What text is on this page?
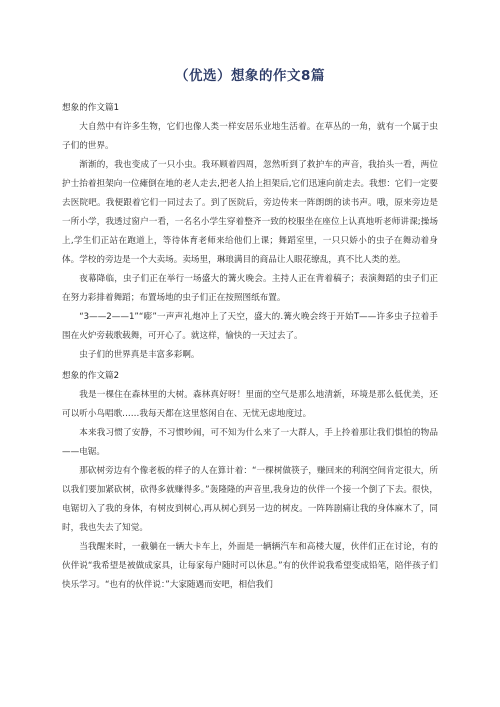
（优选）想象的作文8篇

想象的作文篇1

大自然中有许多生物，它们也像人类一样安居乐业地生活着。在草丛的一角，就有一个属于虫子们的世界。

渐渐的，我也变成了一只小虫。我环顾着四周，忽然听到了救护车的声音，我抬头一看，两位护士抬着担架向一位瘫倒在地的老人走去,把老人抬上担架后,它们迅速向前走去。我想：它们一定要去医院吧。我便跟着它们一同过去了。到了医院后，旁边传来一阵朗朗的读书声。哦，原来旁边是一所小学，我透过窗户一看，一名名小学生穿着整齐一致的校服坐在座位上认真地听老师讲课;操场上,学生们正站在跑道上，等待体育老师来给他们上课；舞蹈室里，一只只娇小的虫子在舞动着身体。学校的旁边是一个大卖场。卖场里，琳琅满目的商品让人眼花缭乱，真不比人类的差。

夜幕降临，虫子们正在举行一场盛大的篝火晚会。主持人正在背着稿子；表演舞蹈的虫子们正在努力彩排着舞蹈；布置场地的虫子们正在按照图纸布置。

“3——2——1”“嘭”一声声礼炮冲上了天空，盛大的.篝火晚会终于开始T——许多虫子拉着手围在火炉旁载歌载舞，可开心了。就这样，愉快的一天过去了。

虫子们的世界真是丰富多彩啊。

想象的作文篇2

我是一棵住在森林里的大树。森林真好呀！里面的空气是那么地清新，环境是那么低优美，还可以听小鸟唱歌……我每天都在这里悠闲自在、无忧无虑地度过。

本来我习惯了安静，不习惯吵闹，可不知为什么来了一大群人，手上拎着那让我们惧怕的物品——电锯。

那砍树旁边有个像老板的样子的人在算计着：“一棵树做筷子，赚回来的利润空间肯定很大，所以我们要加紧砍树，砍得多就赚得多。”轰隆隆的声音里,我身边的伙伴一个接一个倒了下去。很快，电锯切入了我的身体，有树皮到树心,再从树心到另一边的树皮。一阵阵剧痛让我的身体麻木了，同时，我也失去了知觉。

当我醒来时，一截躺在一辆大卡车上，外面是一辆辆汽车和高楼大厦，伙伴们正在讨论，有的伙伴说“我希望是被做成家具，让每家每户随时可以休息。”有的伙伴说我希望变成铅笔，陪伴孩子们快乐学习。“也有的伙伴说：”大家随遇而安吧，相信我们
